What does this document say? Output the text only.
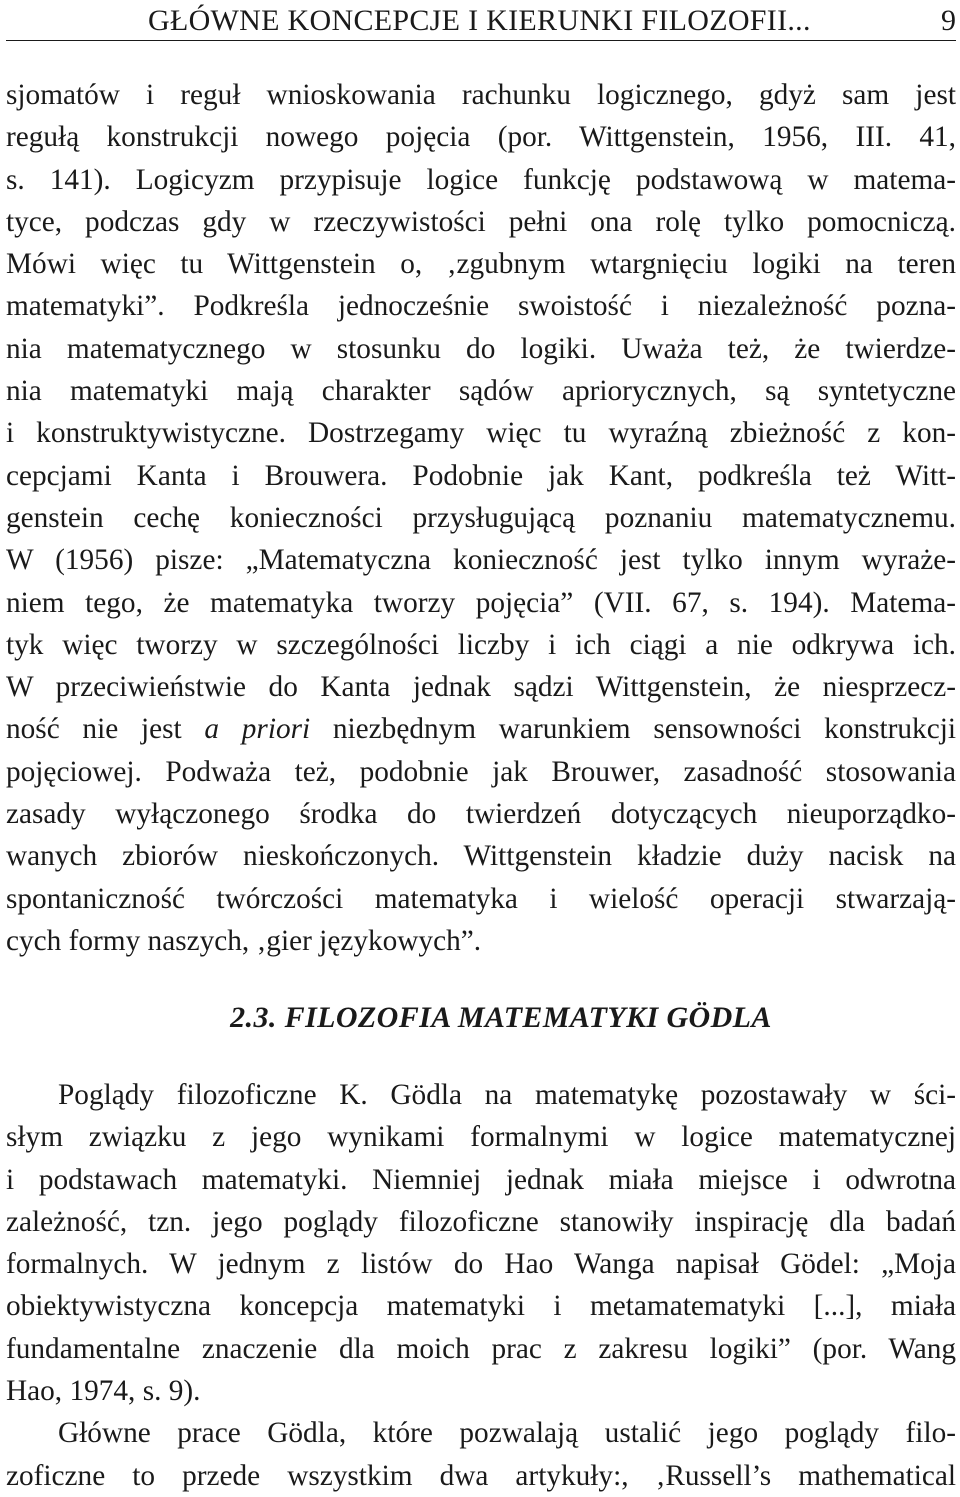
GŁÓWNE KONCEPCJE I KIERUNKI FILOZOFII...	9

sjomatów i reguł wnioskowania rachunku logicznego, gdyż sam jest
regułą konstrukcji nowego pojęcia (por. Wittgenstein, 1956, III. 41,
s. 141). Logicyzm przypisuje logice funkcję podstawową w matema-
tyce, podczas gdy w rzeczywistości pełni ona rolę tylko pomocniczą.
Mówi więc tu Wittgenstein o, ‚zgubnym wtargnięciu logiki na teren
matematyki”. Podkreśla jednocześnie swoistość i niezależność pozna-
nia matematycznego w stosunku do logiki. Uważa też, że twierdze-
nia matematyki mają charakter sądów apriorycznych, są syntetyczne
i konstruktywistyczne. Dostrzegamy więc tu wyraźną zbieżność z kon-
cepcjami Kanta i Brouwera. Podobnie jak Kant, podkreśla też Witt-
genstein cechę konieczności przysługującą poznaniu matematycznemu.
W (1956) pisze: „Matematyczna konieczność jest tylko innym wyraże-
niem tego, że matematyka tworzy pojęcia” (VII. 67, s. 194). Matema-
tyk więc tworzy w szczególności liczby i ich ciągi a nie odkrywa ich.
W przeciwieństwie do Kanta jednak sądzi Wittgenstein, że niesprzecz-
ność nie jest a priori niezbędnym warunkiem sensowności konstrukcji
pojęciowej. Podważa też, podobnie jak Brouwer, zasadność stosowania
zasady wyłączonego środka do twierdzeń dotyczących nieuporządko-
wanych zbiorów nieskończonych. Wittgenstein kładzie duży nacisk na
spontaniczność twórczości matematyka i wielość operacji stwarzają-
cych formy naszych, ‚gier językowych”.

2.3. FILOZOFIA MATEMATYKI GÖDLA

Poglądy filozoficzne K. Gödla na matematykę pozostawały w ści-
słym związku z jego wynikami formalnymi w logice matematycznej
i podstawach matematyki. Niemniej jednak miała miejsce i odwrotna
zależność, tzn. jego poglądy filozoficzne stanowiły inspirację dla badań
formalnych. W jednym z listów do Hao Wanga napisał Gödel: „Moja
obiektywistyczna koncepcja matematyki i metamatematyki [...], miała
fundamentalne znaczenie dla moich prac z zakresu logiki” (por. Wang
Hao, 1974, s. 9).

Główne prace Gödla, które pozwalają ustalić jego poglądy filo-
zoficzne to przede wszystkim dwa artykuły:, ‚Russell’s mathematical
